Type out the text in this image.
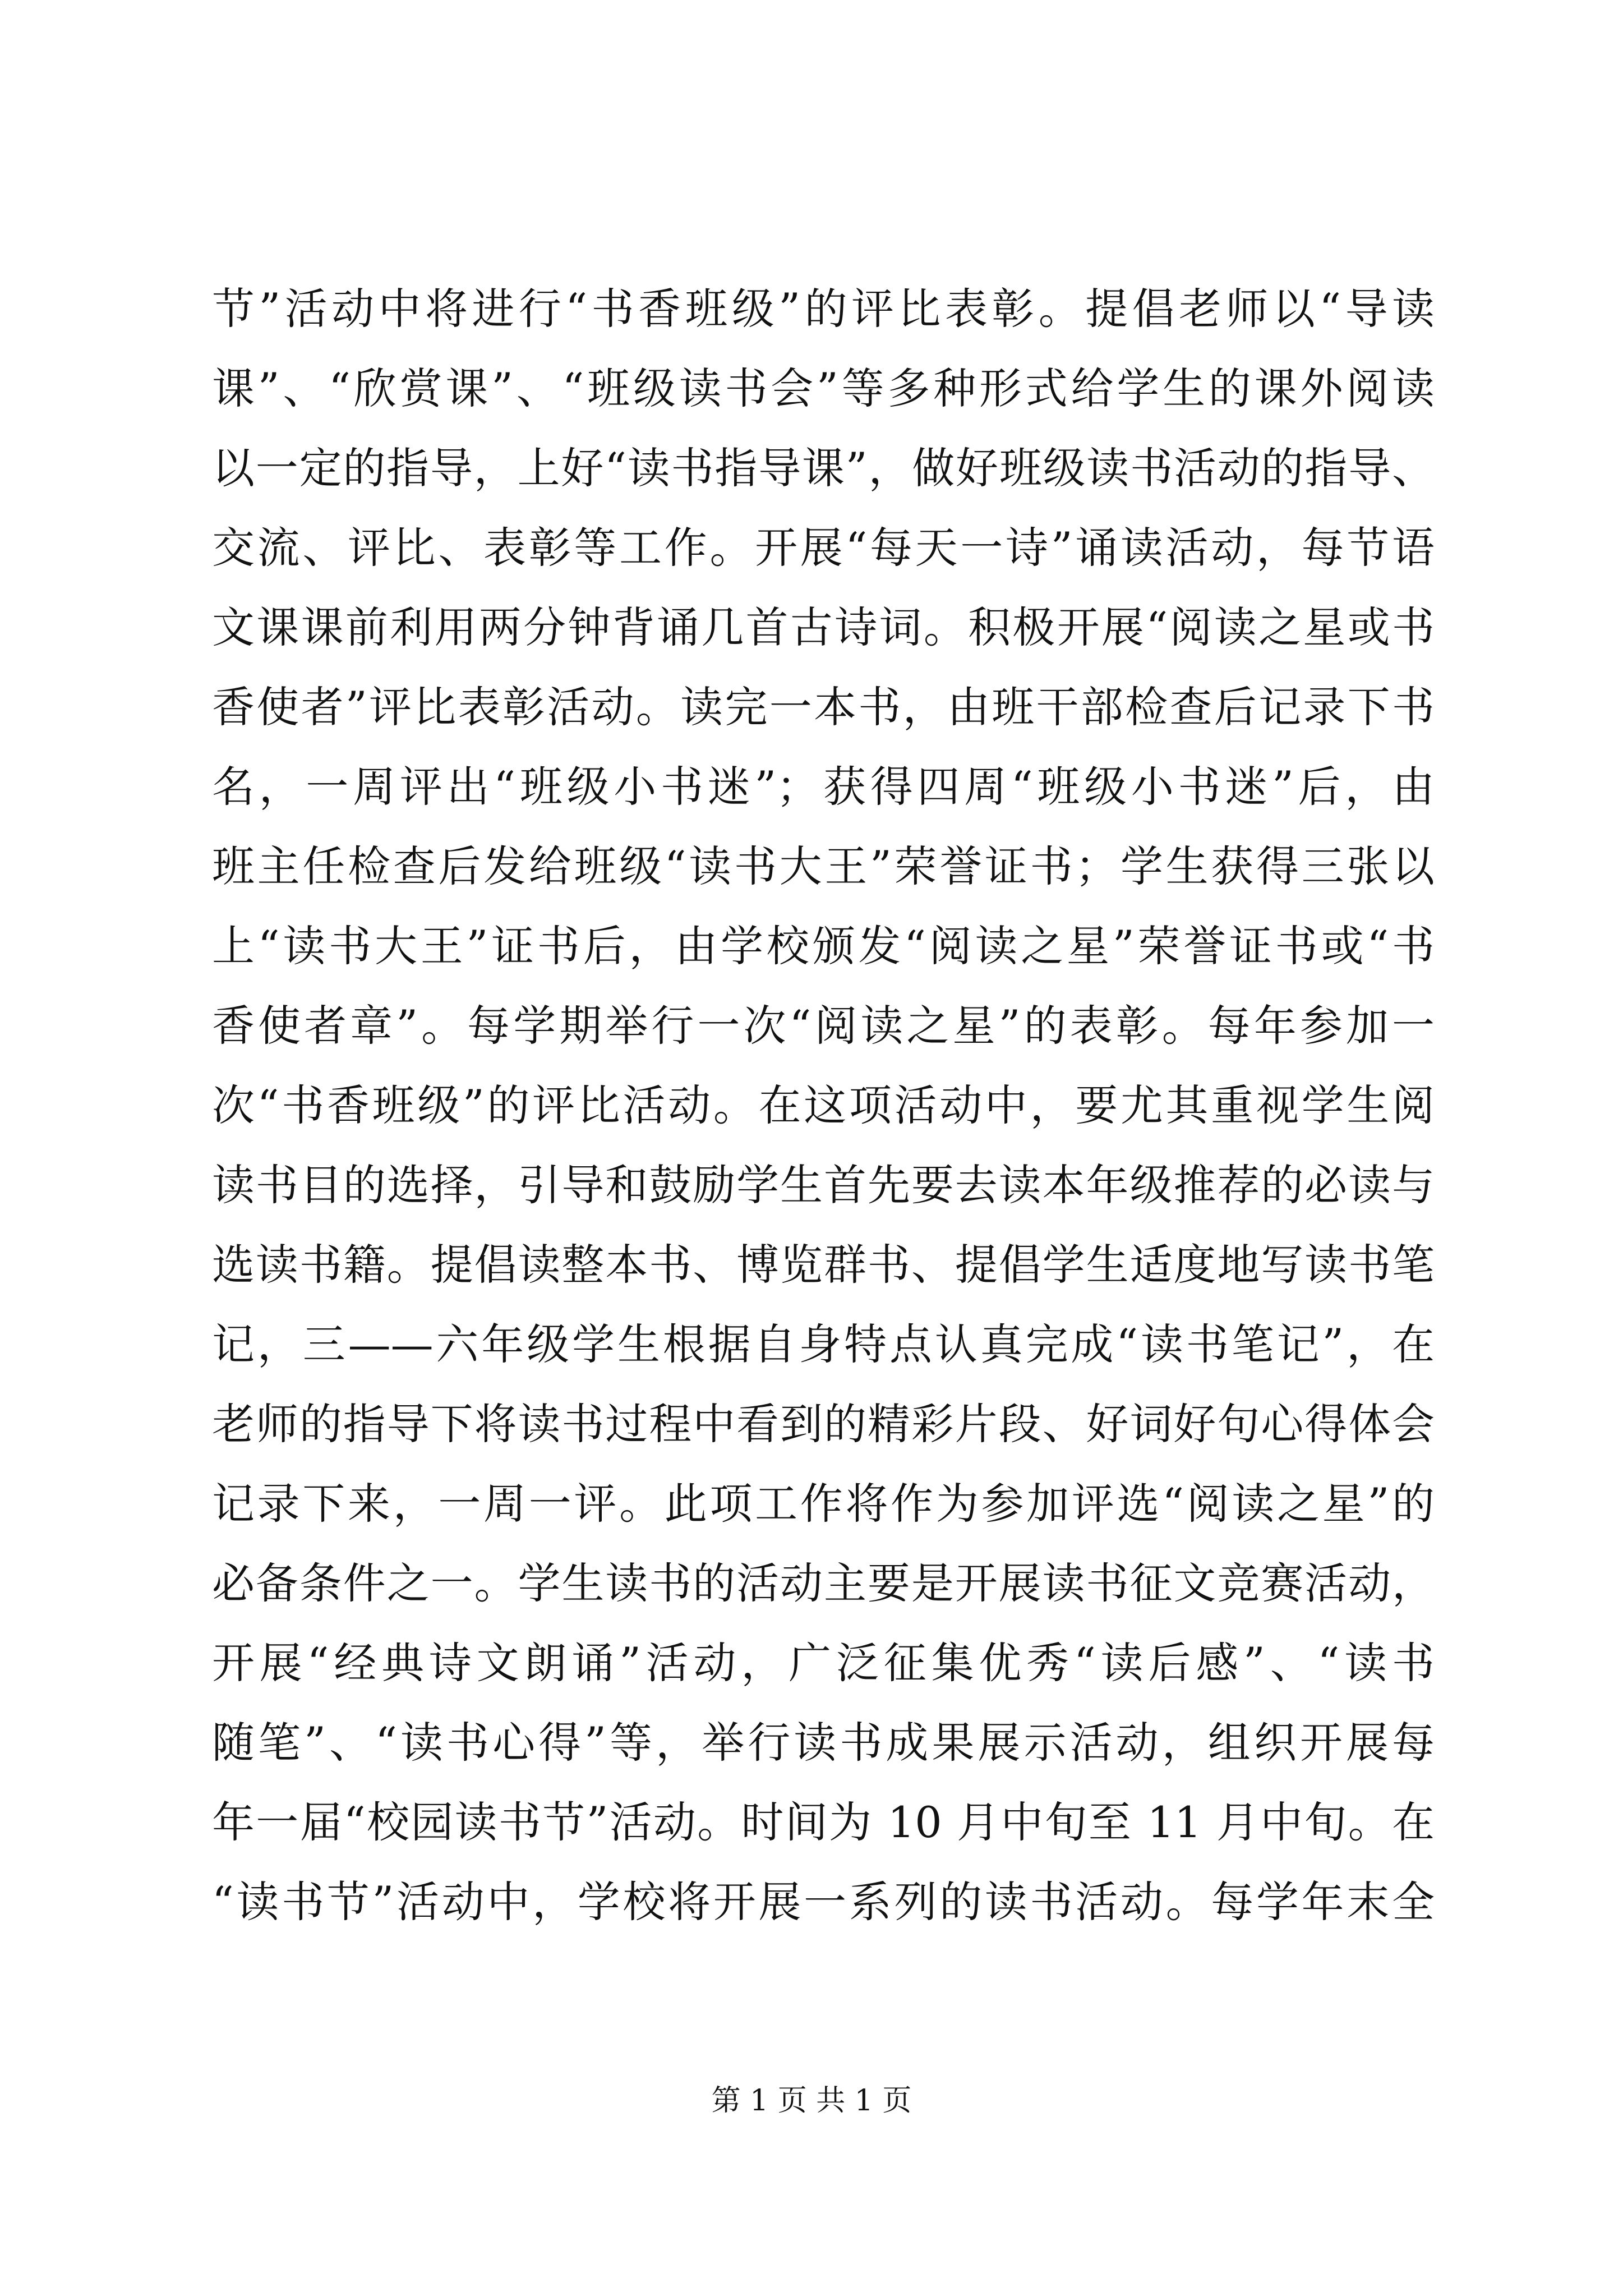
节”活动中将进行“书香班级”的评比表彰。提倡老师以“导读
课”、“欣赏课”、“班级读书会”等多种形式给学生的课外阅读
以一定的指导，上好“读书指导课”，做好班级读书活动的指导、
交流、评比、表彰等工作。开展“每天一诗”诵读活动，每节语
文课课前利用两分钟背诵几首古诗词。积极开展“阅读之星或书
香使者”评比表彰活动。读完一本书，由班干部检查后记录下书
名，一周评出“班级小书迷”；获得四周“班级小书迷”后，由
班主任检查后发给班级“读书大王”荣誉证书；学生获得三张以
上“读书大王”证书后，由学校颁发“阅读之星”荣誉证书或“书
香使者章”。每学期举行一次“阅读之星”的表彰。每年参加一
次“书香班级”的评比活动。在这项活动中，要尤其重视学生阅
读书目的选择，引导和鼓励学生首先要去读本年级推荐的必读与
选读书籍。提倡读整本书、博览群书、提倡学生适度地写读书笔
记，三——六年级学生根据自身特点认真完成“读书笔记”，在
老师的指导下将读书过程中看到的精彩片段、好词好句心得体会
记录下来，一周一评。此项工作将作为参加评选“阅读之星”的
必备条件之一。学生读书的活动主要是开展读书征文竞赛活动，
开展“经典诗文朗诵”活动，广泛征集优秀“读后感”、“读书
随笔”、“读书心得”等，举行读书成果展示活动，组织开展每
年一届“校园读书节”活动。时间为 10 月中旬至 11 月中旬。在
“读书节”活动中，学校将开展一系列的读书活动。每学年末全
第 1 页 共 1 页
